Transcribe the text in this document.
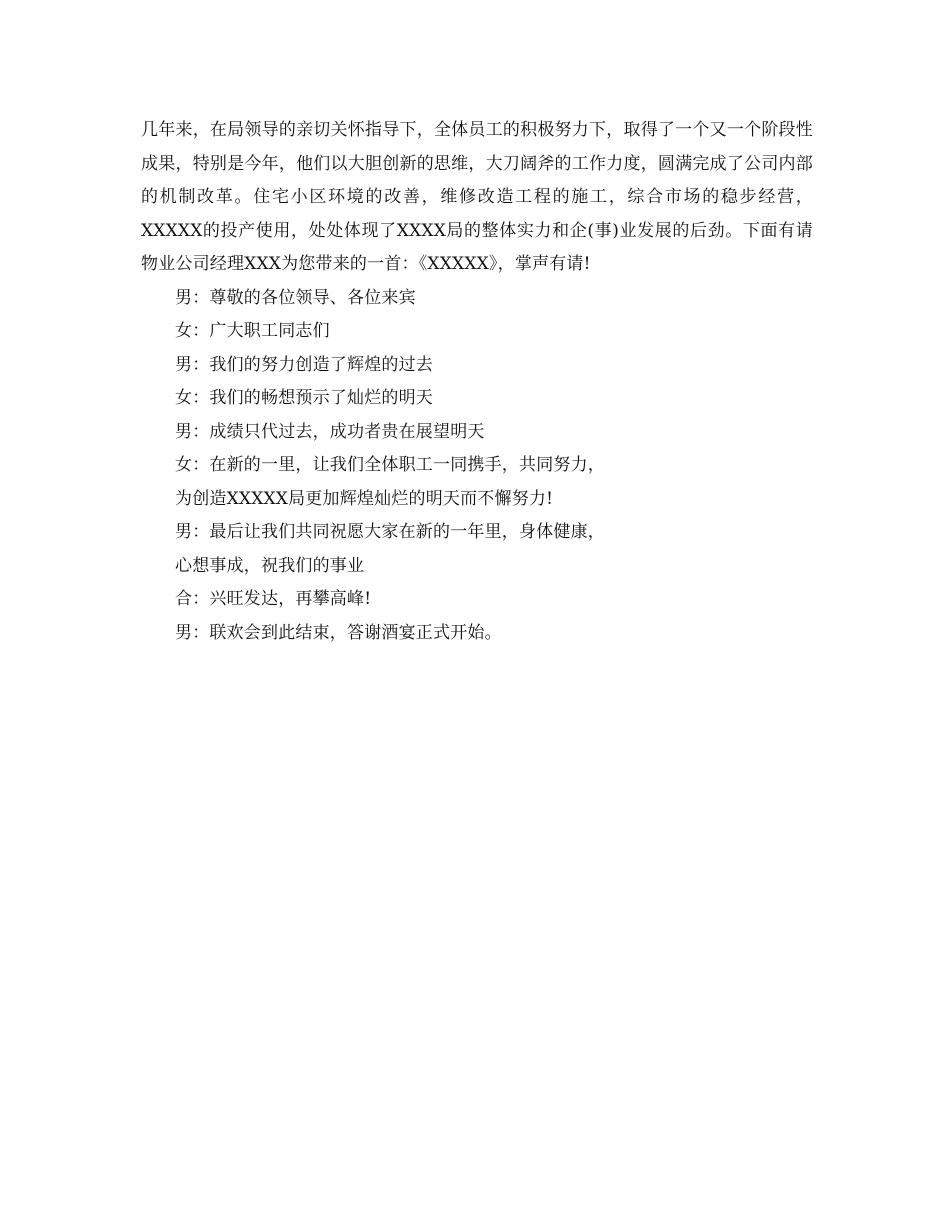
几年来，在局领导的亲切关怀指导下，全体员工的积极努力下，取得了一个又一个阶段性成果，特别是今年，他们以大胆创新的思维，大刀阔斧的工作力度，圆满完成了公司内部的机制改革。住宅小区环境的改善，维修改造工程的施工，综合市场的稳步经营，XXXXX的投产使用，处处体现了XXXX局的整体实力和企(事)业发展的后劲。下面有请物业公司经理XXX为您带来的一首：《XXXXX》，掌声有请!

男：尊敬的各位领导、各位来宾
女：广大职工同志们
男：我们的努力创造了辉煌的过去
女：我们的畅想预示了灿烂的明天
男：成绩只代过去，成功者贵在展望明天
女：在新的一里，让我们全体职工一同携手，共同努力，
为创造XXXXX局更加辉煌灿烂的明天而不懈努力!
男：最后让我们共同祝愿大家在新的一年里，身体健康，
心想事成，祝我们的事业
合：兴旺发达，再攀高峰!
男：联欢会到此结束，答谢酒宴正式开始。
